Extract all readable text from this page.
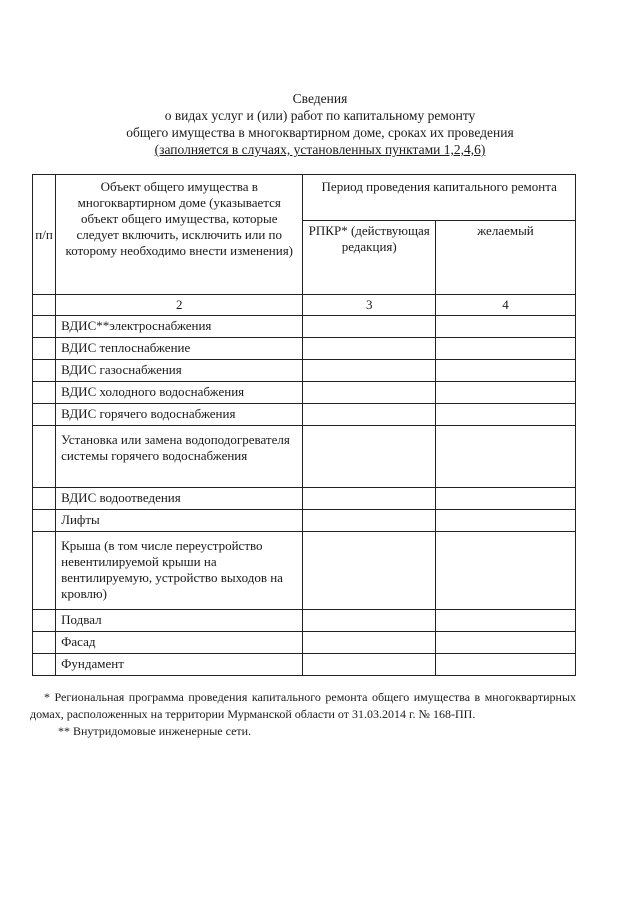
Сведения
о видах услуг и (или) работ по капитальному ремонту
общего имущества в многоквартирном доме, сроках их проведения
(заполняется в случаях, установленных пунктами 1,2,4,6)
п/п	Объект общего имущества в многоквартирном доме (указывается объект общего имущества, которые следует включить, исключить или по которому необходимо внести изменения)	Период проведения капитального ремонта	
		РПКР* (действующая редакция)	желаемый
	2	3	4
	ВДИС**электроснабжения		
	ВДИС теплоснабжение		
	ВДИС газоснабжения		
	ВДИС холодного водоснабжения		
	ВДИС горячего водоснабжения		
	Установка или замена водоподогревателя системы горячего водоснабжения		
	ВДИС водоотведения		
	Лифты		
	Крыша (в том числе переустройство невентилируемой крыши на вентилируемую, устройство выходов на кровлю)		
	Подвал		
	Фасад		
	Фундамент		

* Региональная программа проведения капитального ремонта общего имущества в многоквартирных домах, расположенных на территории Мурманской области от 31.03.2014 г. № 168-ПП.

** Внутридомовые инженерные сети.
